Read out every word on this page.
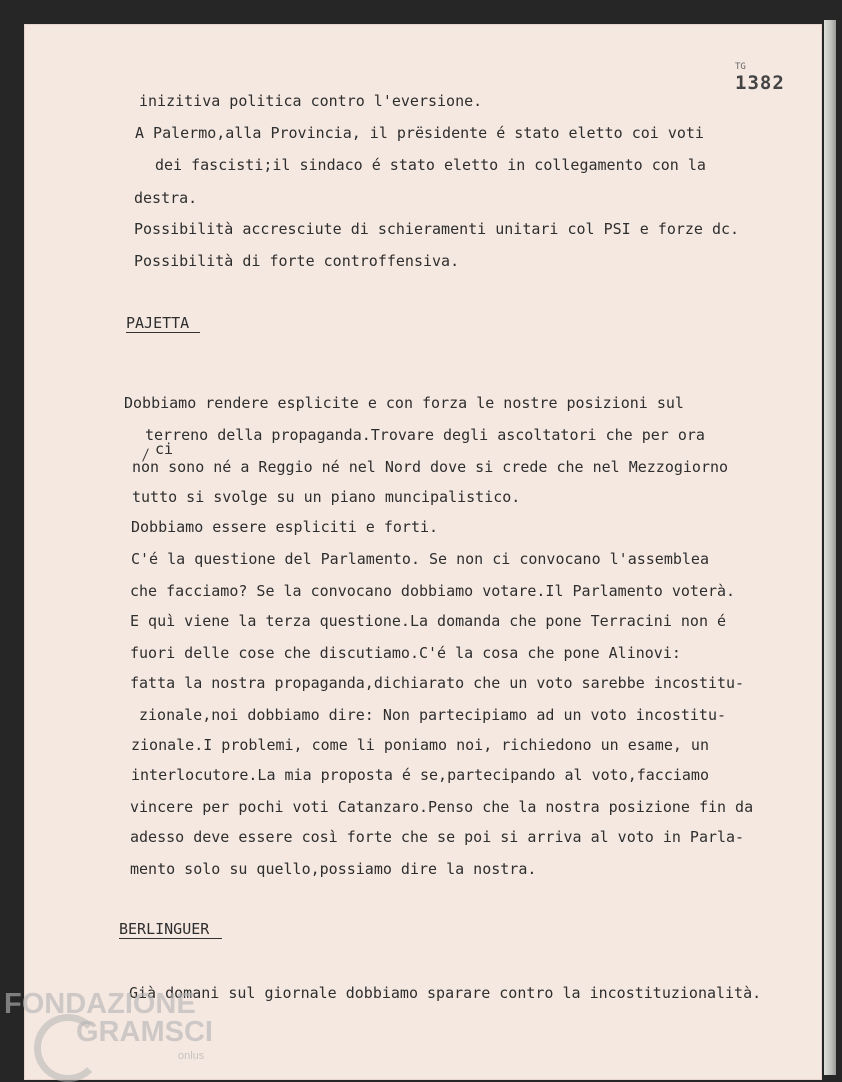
TG
1382
inizitiva politica contro l'eversione.
A Palermo,alla Provincia, il prësidente é stato eletto coi voti
dei fascisti;il sindaco é stato eletto in collegamento con la
destra.
Possibilità accresciute di schieramenti unitari col PSI e forze dc.
Possibilità di forte controffensiva.
PAJETTA
Dobbiamo rendere esplicite e con forza le nostre posizioni sul
terreno della propaganda.Trovare degli ascoltatori che per ora
ci
non sono né a Reggio né nel Nord dove si crede che nel Mezzogiorno
tutto si svolge su un piano muncipalistico.
Dobbiamo essere espliciti e forti.
C'é la questione del Parlamento. Se non ci convocano l'assemblea
che facciamo? Se la convocano dobbiamo votare.Il Parlamento voterà.
E quì viene la terza questione.La domanda che pone Terracini non é
fuori delle cose che discutiamo.C'é la cosa che pone Alinovi:
fatta la nostra propaganda,dichiarato che un voto sarebbe incostitu-
zionale,noi dobbiamo dire: Non partecipiamo ad un voto incostitu-
zionale.I problemi, come li poniamo noi, richiedono un esame, un
interlocutore.La mia proposta é se,partecipando al voto,facciamo
vincere per pochi voti Catanzaro.Penso che la nostra posizione fin da
adesso deve essere così forte che se poi si arriva al voto in Parla-
mento solo su quello,possiamo dire la nostra.
BERLINGUER
Già domani sul giornale dobbiamo sparare contro la incostituzionalità.
FONDAZIONE
GRAMSCI
onlus
